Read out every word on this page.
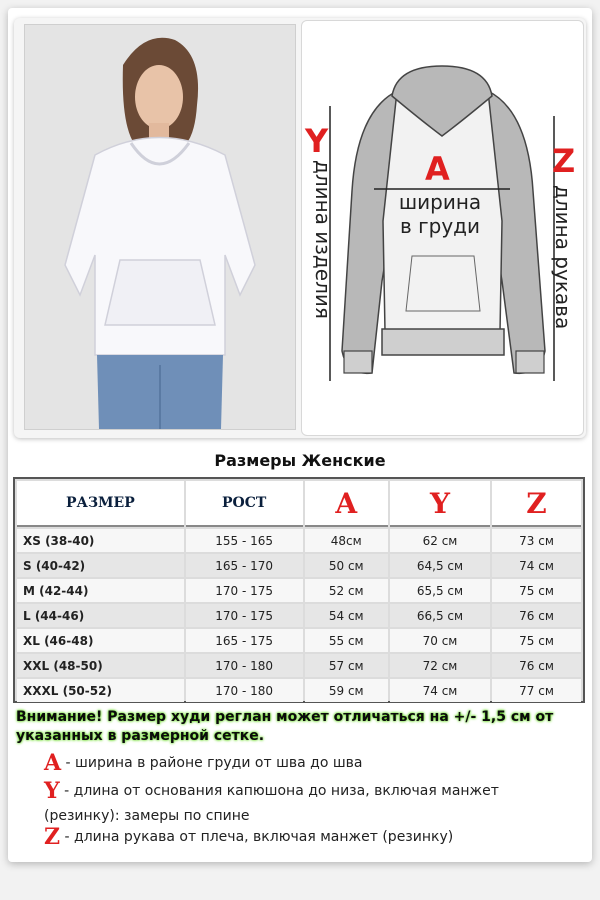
Y
A	Z
ширина
в груди
длина изделия	длина рукава
Размеры Женские
РАЗМЕР	РОСТ	A	Y	Z
XS (38-40)	155 - 165	48см	62 см	73 см
S (40-42)	165 - 170	50 см	64,5 см	74 см
M (42-44)	170 - 175	52 см	65,5 см	75 см
L (44-46)	170 - 175	54 см	66,5 см	76 см
XL (46-48)	165 - 175	55 см	70 см	75 см
XXL (48-50)	170 - 180	57 см	72 см	76 см
XXXL (50-52)	170 - 180	59 см	74 см	77 см
Внимание! Размер худи реглан может отличаться на +/- 1,5 см от указанных в размерной сетке.
A - ширина в районе груди от шва до шва
Y - длина от основания капюшона до низа, включая манжет
(резинку): замеры по спине
Z - длина рукава от плеча, включая манжет (резинку)
